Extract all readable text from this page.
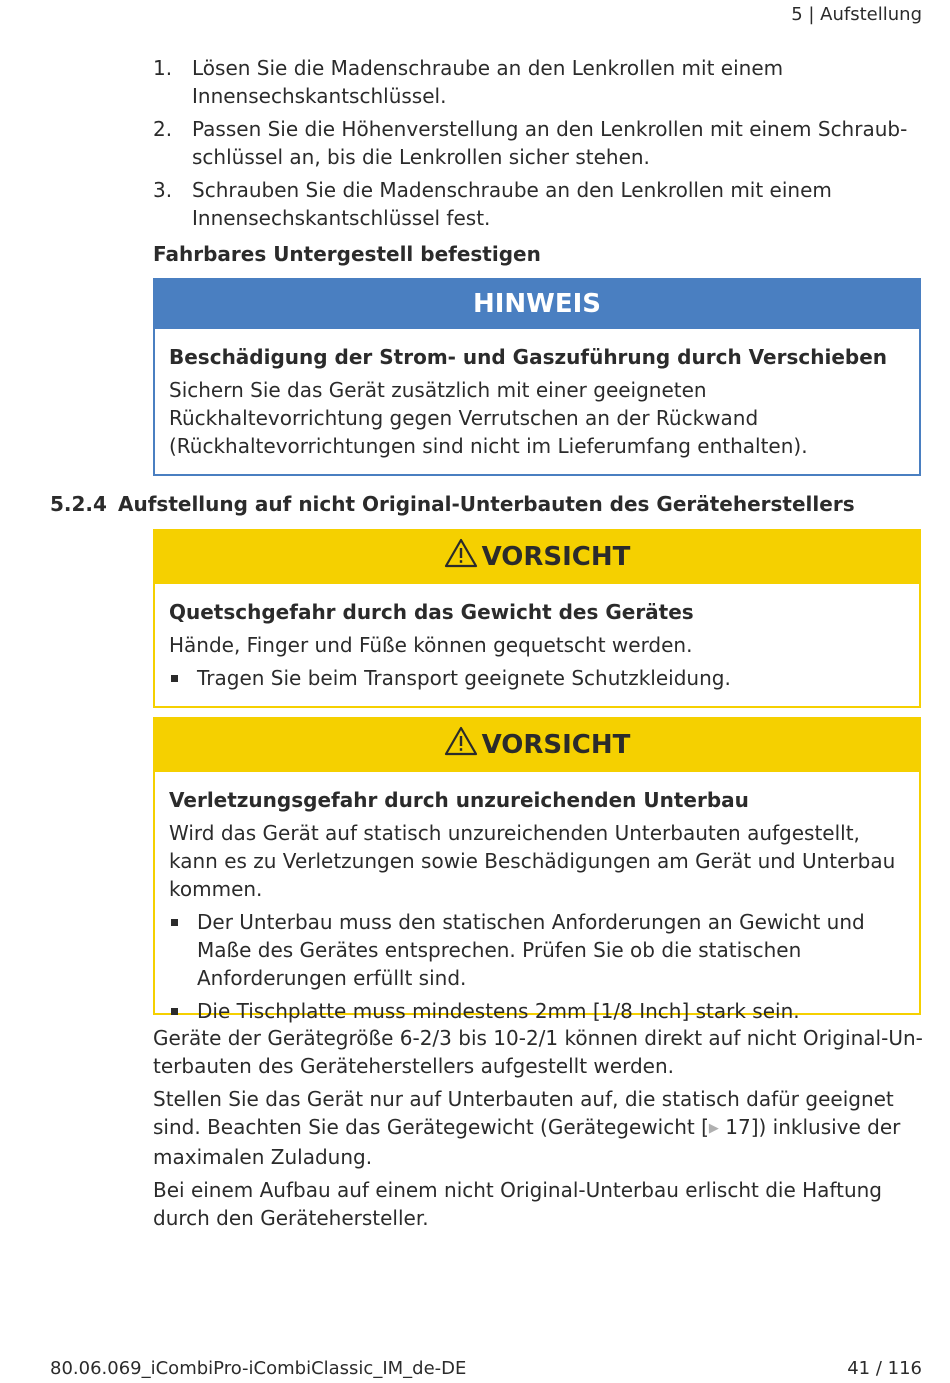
5 | Aufstellung
1. Lösen Sie die Madenschraube an den Lenkrollen mit einem Innensechskantschlüssel.
2. Passen Sie die Höhenverstellung an den Lenkrollen mit einem Schraubschlüssel an, bis die Lenkrollen sicher stehen.
3. Schrauben Sie die Madenschraube an den Lenkrollen mit einem Innensechskantschlüssel fest.
Fahrbares Untergestell befestigen
HINWEIS
Beschädigung der Strom- und Gaszuführung durch Verschieben

Sichern Sie das Gerät zusätzlich mit einer geeigneten Rückhaltevorrichtung gegen Verrutschen an der Rückwand (Rückhaltevorrichtungen sind nicht im Lieferumfang enthalten).

5.2.4 Aufstellung auf nicht Original-Unterbauten des Geräteherstellers
VORSICHT
Quetschgefahr durch das Gewicht des Gerätes

Hände, Finger und Füße können gequetscht werden.

Tragen Sie beim Transport geeignete Schutzkleidung.
VORSICHT
Verletzungsgefahr durch unzureichenden Unterbau

Wird das Gerät auf statisch unzureichenden Unterbauten aufgestellt, kann es zu Verletzungen sowie Beschädigungen am Gerät und Unterbau kommen.

Der Unterbau muss den statischen Anforderungen an Gewicht und Maße des Gerätes entsprechen. Prüfen Sie ob die statischen Anforderungen erfüllt sind.
Die Tischplatte muss mindestens 2mm [1/8 Inch] stark sein.

Geräte der Gerätegröße 6-2/3 bis 10-2/1 können direkt auf nicht Original-Unterbauten des Geräteherstellers aufgestellt werden.

Stellen Sie das Gerät nur auf Unterbauten auf, die statisch dafür geeignet sind. Beachten Sie das Gerätegewicht (Gerätegewicht [▶ 17]) inklusive der maximalen Zuladung.

Bei einem Aufbau auf einem nicht Original-Unterbau erlischt die Haftung durch den Gerätehersteller.

80.06.069_iCombiPro-iCombiClassic_IM_de-DE	41 / 116
